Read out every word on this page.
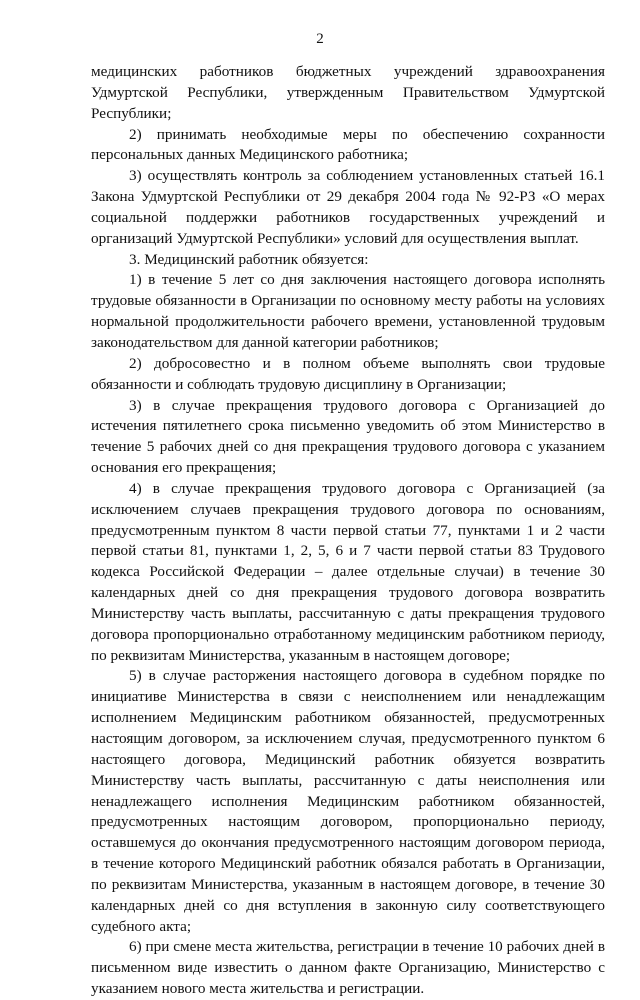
2

медицинских работников бюджетных учреждений здравоохранения Удмуртской Республики, утвержденным Правительством Удмуртской Республики;

2) принимать необходимые меры по обеспечению сохранности персональных данных Медицинского работника;

3) осуществлять контроль за соблюдением установленных статьей 16.1 Закона Удмуртской Республики от 29 декабря 2004 года № 92-РЗ «О мерах социальной поддержки работников государственных учреждений и организаций Удмуртской Республики» условий для осуществления выплат.

3. Медицинский работник обязуется:

1) в течение 5 лет со дня заключения настоящего договора исполнять трудовые обязанности в Организации по основному месту работы на условиях нормальной продолжительности рабочего времени, установленной трудовым законодательством для данной категории работников;

2) добросовестно и в полном объеме выполнять свои трудовые обязанности и соблюдать трудовую дисциплину в Организации;

3) в случае прекращения трудового договора с Организацией до истечения пятилетнего срока письменно уведомить об этом Министерство в течение 5 рабочих дней со дня прекращения трудового договора с указанием основания его прекращения;

4) в случае прекращения трудового договора с Организацией (за исключением случаев прекращения трудового договора по основаниям, предусмотренным пунктом 8 части первой статьи 77, пунктами 1 и 2 части первой статьи 81, пунктами 1, 2, 5, 6 и 7 части первой статьи 83 Трудового кодекса Российской Федерации – далее отдельные случаи) в течение 30 календарных дней со дня прекращения трудового договора возвратить Министерству часть выплаты, рассчитанную с даты прекращения трудового договора пропорционально отработанному медицинским работником периоду, по реквизитам Министерства, указанным в настоящем договоре;

5) в случае расторжения настоящего договора в судебном порядке по инициативе Министерства в связи с неисполнением или ненадлежащим исполнением Медицинским работником обязанностей, предусмотренных настоящим договором, за исключением случая, предусмотренного пунктом 6 настоящего договора, Медицинский работник обязуется возвратить Министерству часть выплаты, рассчитанную с даты неисполнения или ненадлежащего исполнения Медицинским работником обязанностей, предусмотренных настоящим договором, пропорционально периоду, оставшемуся до окончания предусмотренного настоящим договором периода, в течение которого Медицинский работник обязался работать в Организации, по реквизитам Министерства, указанным в настоящем договоре, в течение 30 календарных дней со дня вступления в законную силу соответствующего судебного акта;

6) при смене места жительства, регистрации в течение 10 рабочих дней в письменном виде известить о данном факте Организацию, Министерство с указанием нового места жительства и регистрации.
